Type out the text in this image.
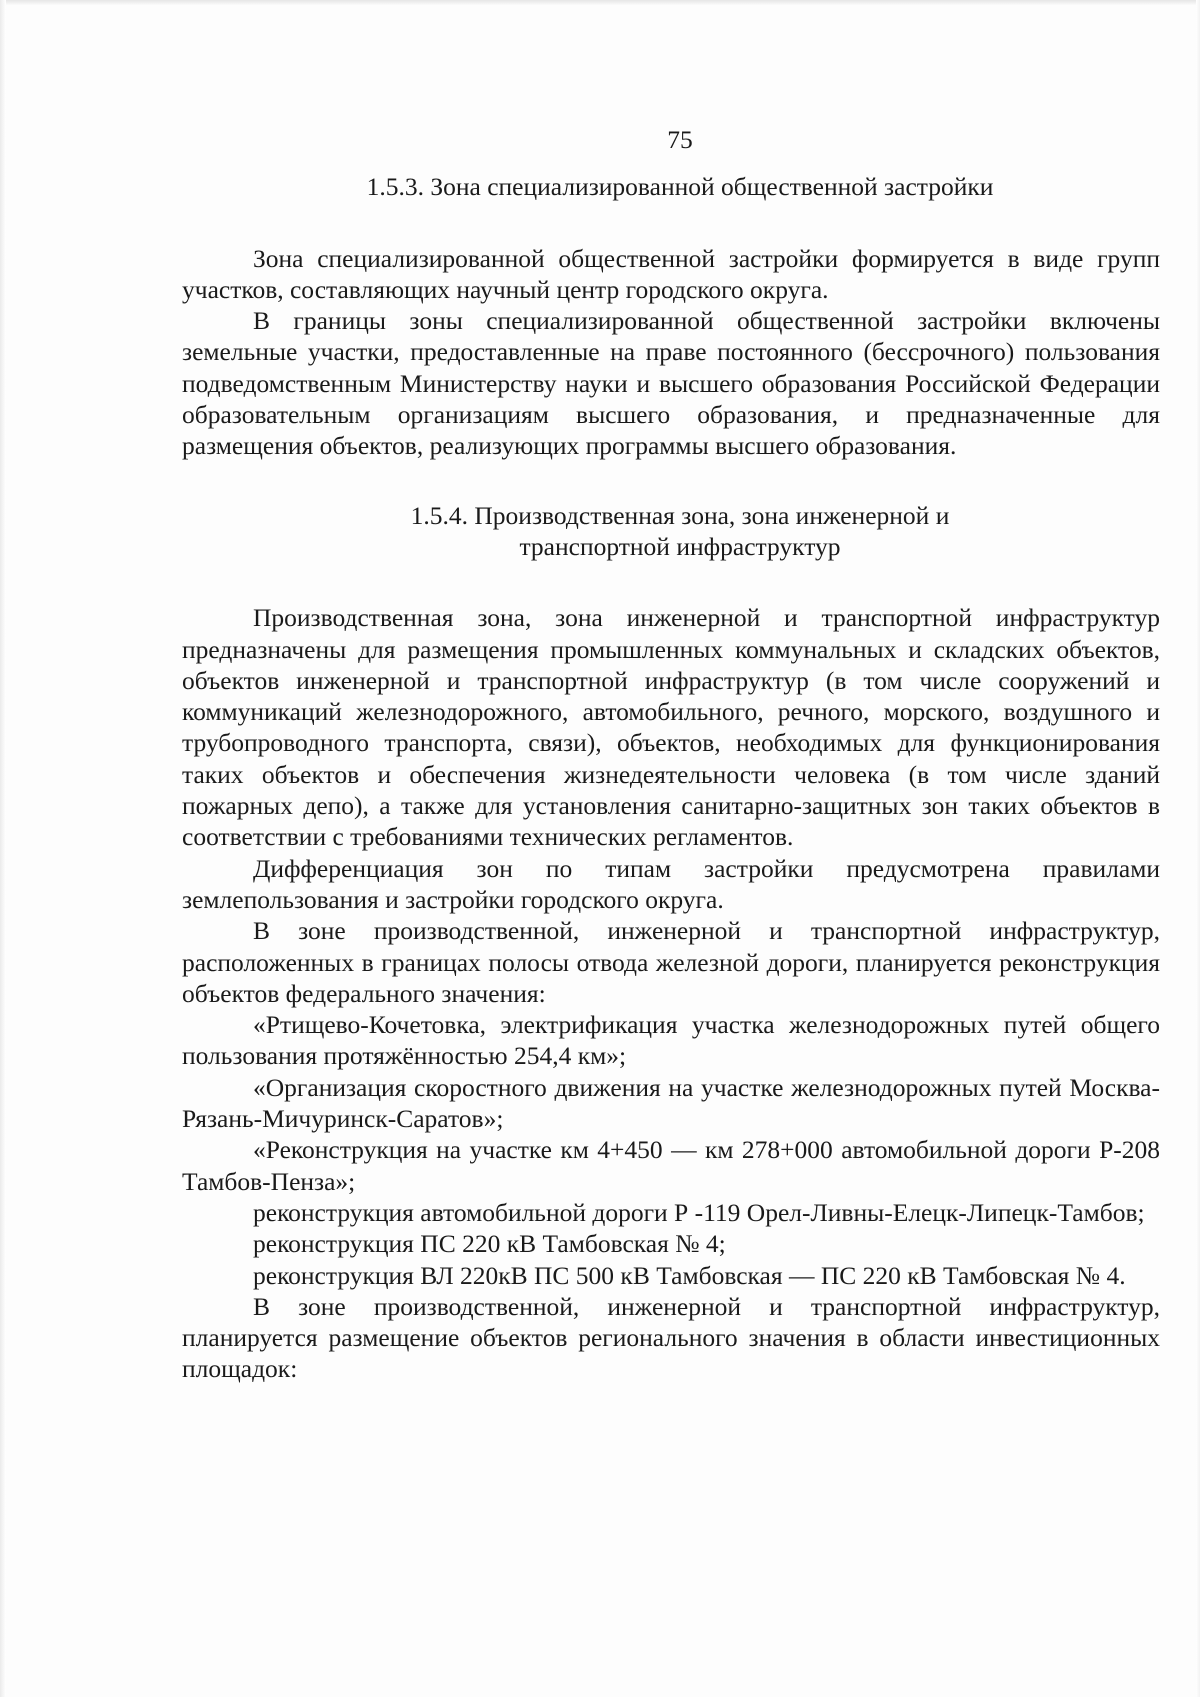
75
1.5.3. Зона специализированной общественной застройки

Зона специализированной общественной застройки формируется в виде групп участков, составляющих научный центр городского округа.

В границы зоны специализированной общественной застройки включены земельные участки, предоставленные на праве постоянного (бессрочного) пользования подведомственным Министерству науки и высшего образования Российской Федерации образовательным организациям высшего образования, и предназначенные для размещения объектов, реализующих программы высшего образования.

1.5.4. Производственная зона, зона инженерной и
транспортной инфраструктур

Производственная зона, зона инженерной и транспортной инфраструктур предназначены для размещения промышленных коммунальных и складских объектов, объектов инженерной и транспортной инфраструктур (в том числе сооружений и коммуникаций железнодорожного, автомобильного, речного, морского, воздушного и трубопроводного транспорта, связи), объектов, необходимых для функционирования таких объектов и обеспечения жизнедеятельности человека (в том числе зданий пожарных депо), а также для установления санитарно-защитных зон таких объектов в соответствии с требованиями технических регламентов.

Дифференциация зон по типам застройки предусмотрена правилами землепользования и застройки городского округа.

В зоне производственной, инженерной и транспортной инфраструктур, расположенных в границах полосы отвода железной дороги, планируется реконструкция объектов федерального значения:

«Ртищево-Кочетовка, электрификация участка железнодорожных путей общего пользования протяжённостью 254,4 км»;

«Организация скоростного движения на участке железнодорожных путей Москва-Рязань-Мичуринск-Саратов»;

«Реконструкция на участке км 4+450 — км 278+000 автомобильной дороги Р-208 Тамбов-Пенза»;

реконструкция автомобильной дороги Р -119 Орел-Ливны-Елецк-Липецк-Тамбов;

реконструкция ПС 220 кВ Тамбовская № 4;

реконструкция ВЛ 220кВ ПС 500 кВ Тамбовская — ПС 220 кВ Тамбовская № 4.

В зоне производственной, инженерной и транспортной инфраструктур, планируется размещение объектов регионального значения в области инвестиционных площадок:
